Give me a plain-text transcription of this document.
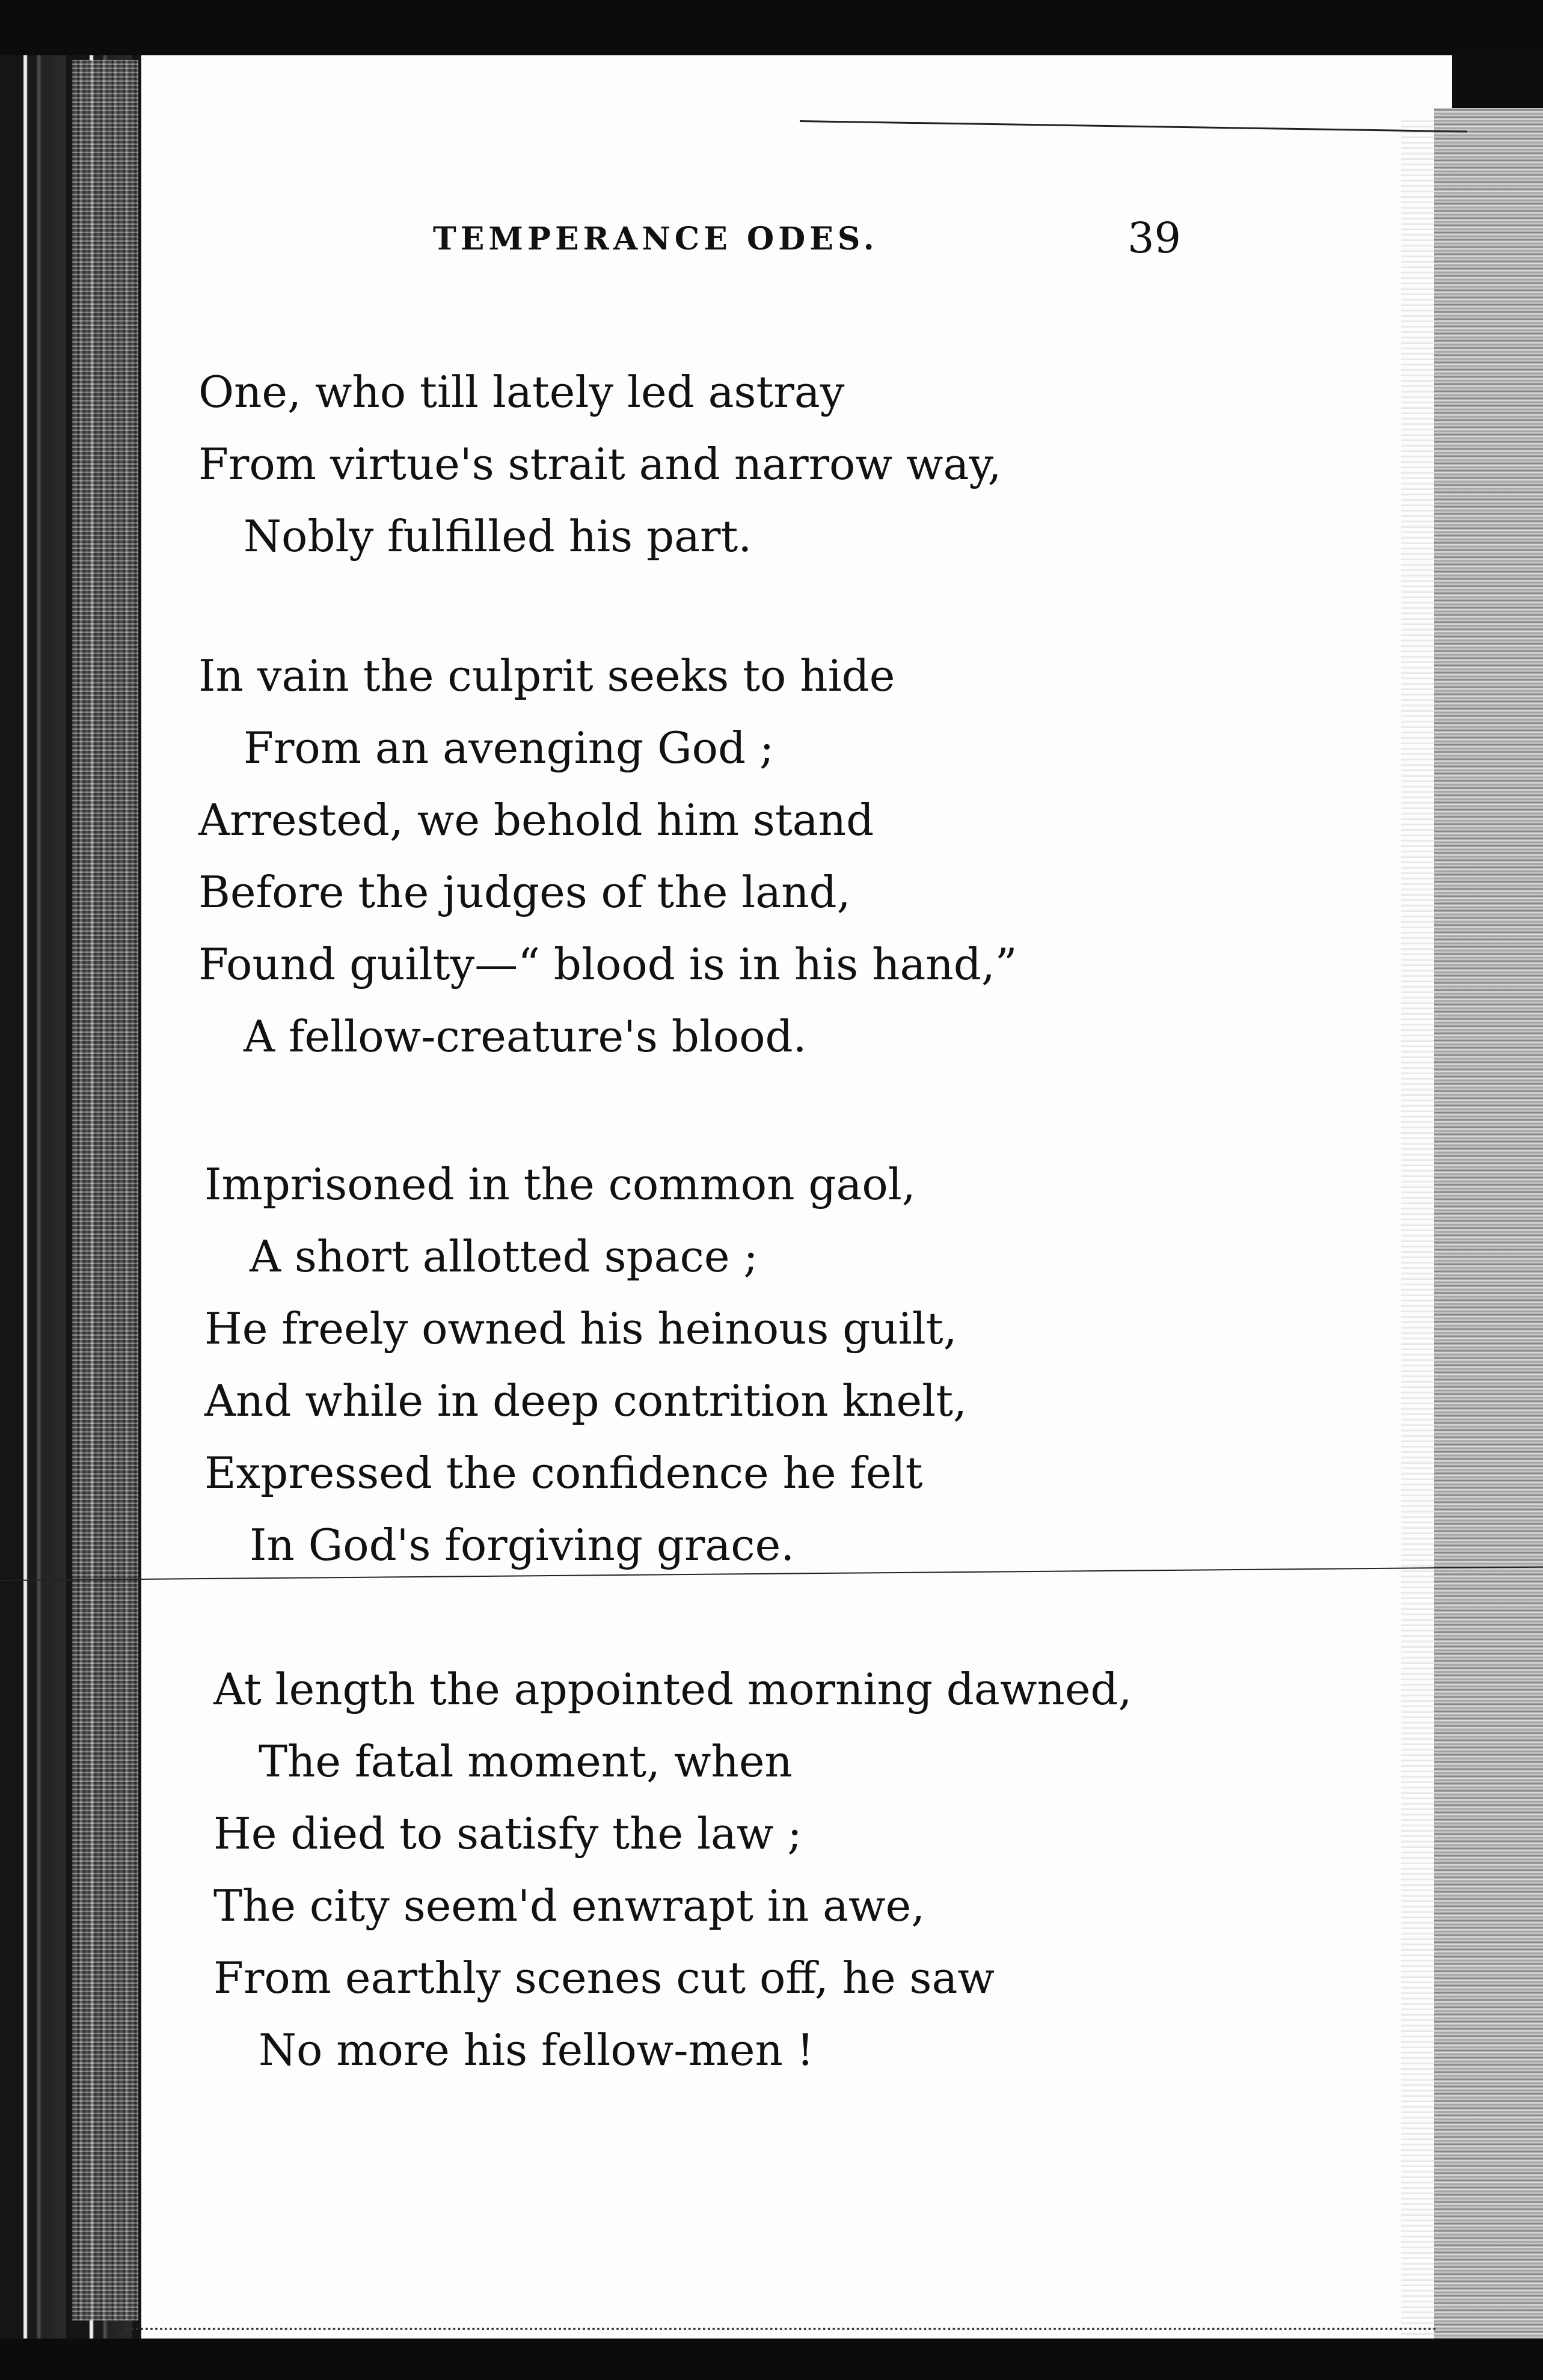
TEMPERANCE ODES.	39

One, who till lately led astray
From virtue's strait and narrow way,
Nobly fulfilled his part.
In vain the culprit seeks to hide
From an avenging God ;
Arrested, we behold him stand
Before the judges of the land,
Found guilty—“ blood is in his hand,”
A fellow-creature's blood.
Imprisoned in the common gaol,
A short allotted space ;
He freely owned his heinous guilt,
And while in deep contrition knelt,
Expressed the confidence he felt
In God's forgiving grace.
At length the appointed morning dawned,
The fatal moment, when
He died to satisfy the law ;
The city seem'd enwrapt in awe,
From earthly scenes cut off, he saw
No more his fellow-men !
